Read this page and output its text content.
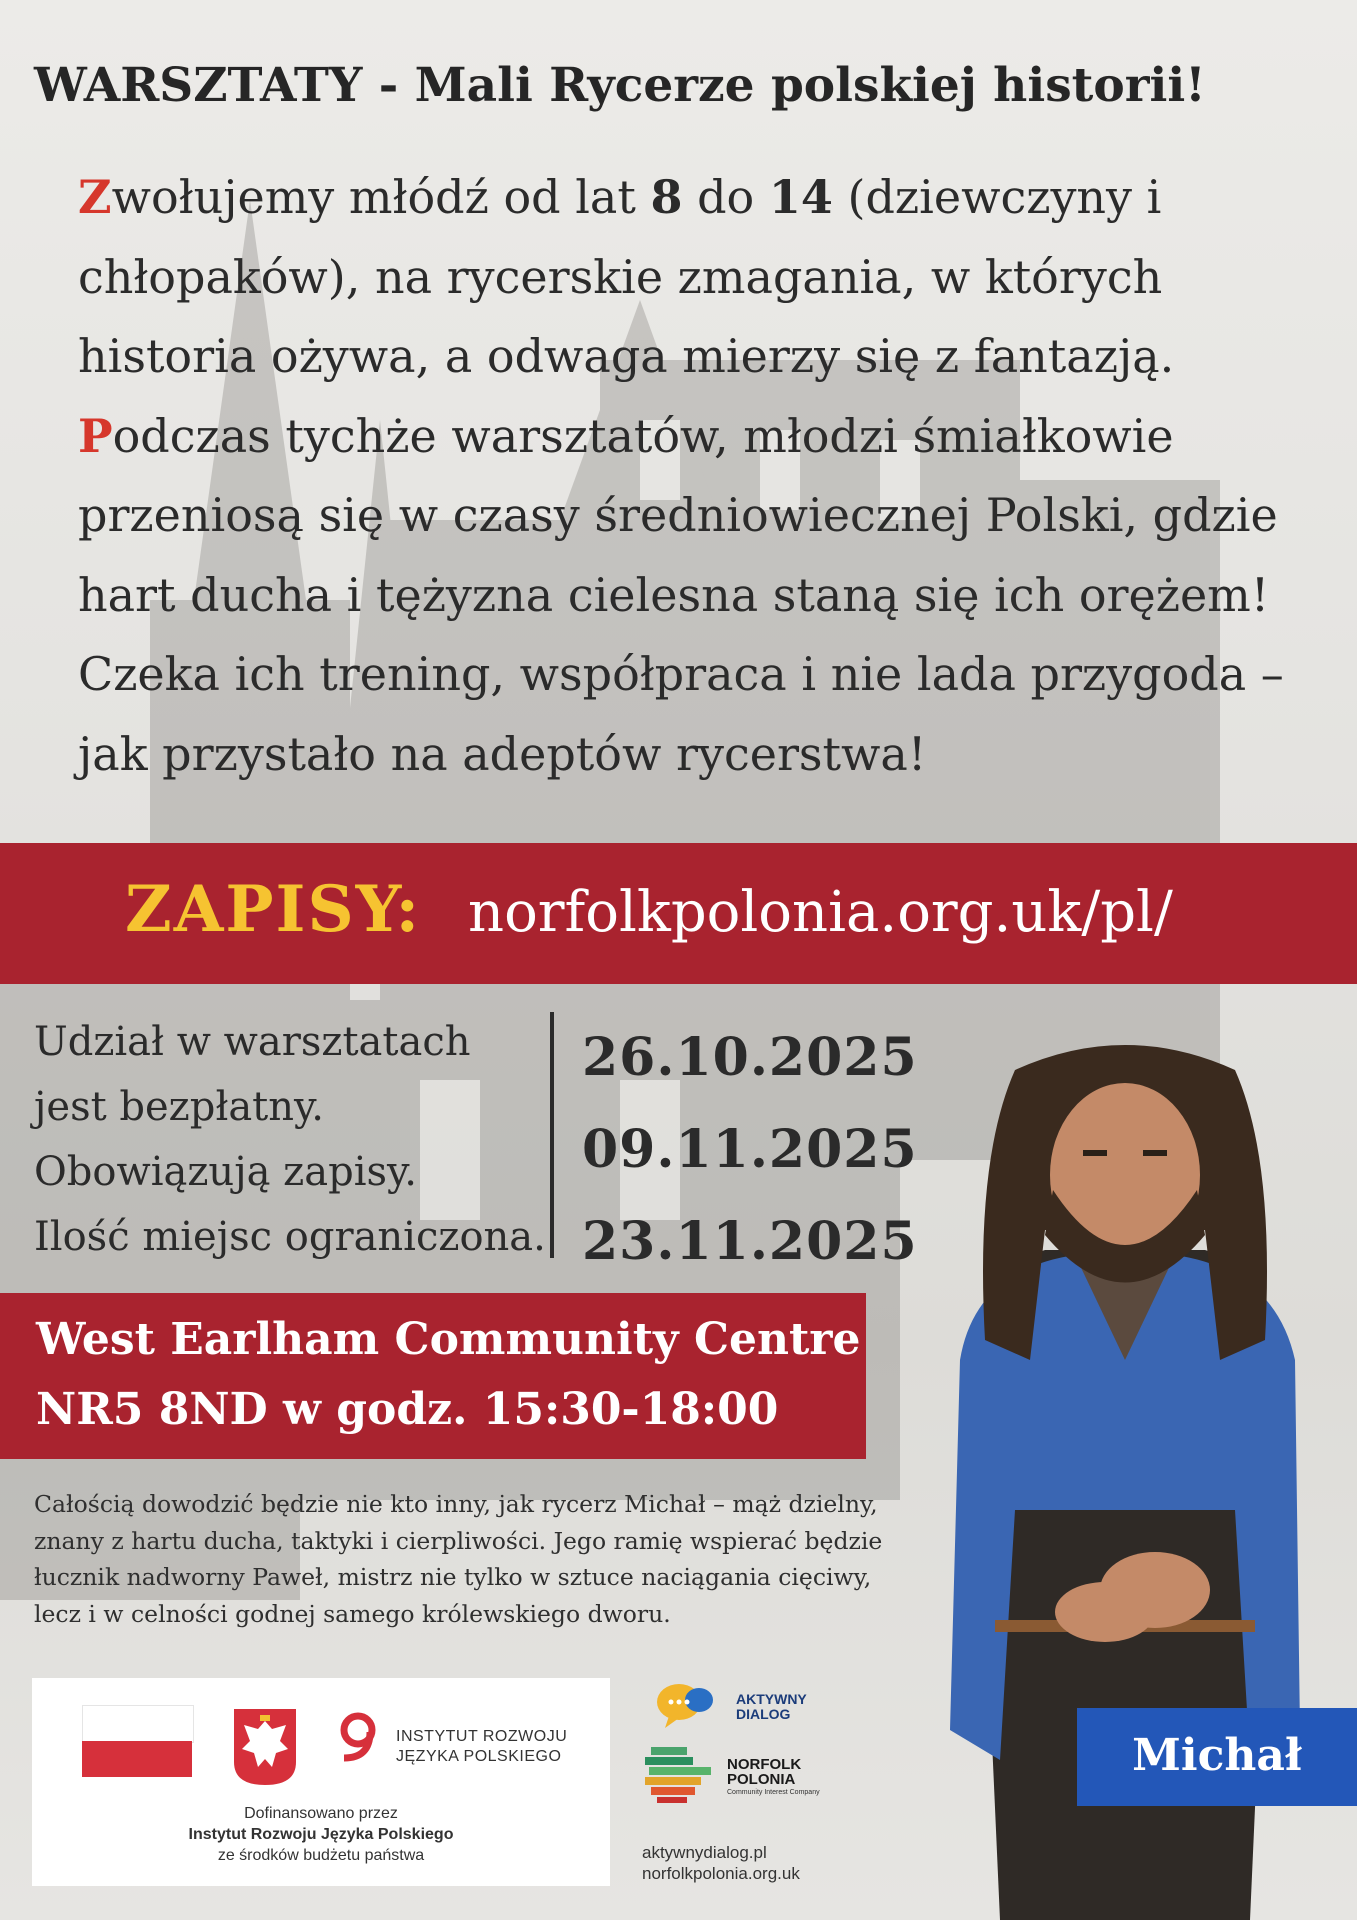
WARSZTATY - Mali Rycerze polskiej historii!

Zwołujemy młódź od lat 8 do 14 (dziewczyny i chłopaków), na rycerskie zmagania, w których historia ożywa, a odwaga mierzy się z fantazją.

Podczas tychże warsztatów, młodzi śmiałkowie przeniosą się w czasy średniowiecznej Polski, gdzie hart ducha i tężyzna cielesna staną się ich orężem! Czeka ich trening, współpraca i nie lada przygoda – jak przystało na adeptów rycerstwa!

ZAPISY: norfolkpolonia.org.uk/pl/
Udział w warsztatach
jest bezpłatny.
Obowiązują zapisy.
Ilość miejsc ograniczona.
26.10.2025
09.11.2025
23.11.2025
West Earlham Community Centre
NR5 8ND w godz. 15:30-18:00
Całością dowodzić będzie nie kto inny, jak rycerz Michał – mąż dzielny, znany z hartu ducha, taktyki i cierpliwości. Jego ramię wspierać będzie łucznik nadworny Paweł, mistrz nie tylko w sztuce naciągania cięciwy, lecz i w celności godnej samego królewskiego dworu.
Michał
INSTYTUT ROZWOJU
JĘZYKA POLSKIEGO
Dofinansowano przez
Instytut Rozwoju Języka Polskiego
ze środków budżetu państwa
AKTYWNY
DIALOG
NORFOLK
POLONIA
Community Interest Company
aktywnydialog.pl
norfolkpolonia.org.uk
